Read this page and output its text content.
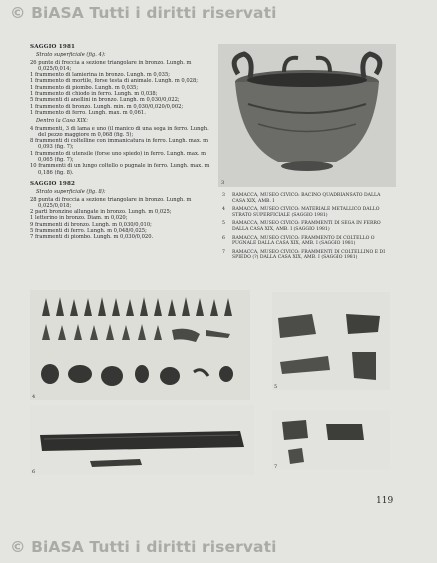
© BiASA Tutti i diritti riservati
SAGGIO 1981
Strato superficiale (fig. 4):
26 punte di freccia a sezione triangolare in bronzo. Lungh. m 0,025/0,014;
1 frammento di lamierina in bronzo. Lungh. m 0,035;
1 frammento di mortile, forse testa di animale. Lungh. m 0,028;
1 frammento di piombo. Lungh. m 0,035;
1 frammento di chiodo in ferro. Lungh. m 0,038;
5 frammenti di anellini in bronzo. Lungh. m 0,030/0,022;
1 frammento di bronzo. Lungh. min. m 0,030/0,020/0,002;
1 frammento di ferro. Lungh. max. m 0,061.
Dentro la Casa XIX:
4 frammenti, 3 di lama e uno (il manico di una sega in ferro. Lungh. del pezzo maggiore m 0,068 (fig. 5);
8 frammenti di coltelline con immanicatura in ferro. Lungh. max. m 0,093 (fig. 7);
1 frammento di utensile (forse uno spiedo) in ferro. Lungh. max. m 0,065 (fig. 7);
10 frammenti di un lungo coltello o pugnale in ferro. Lungh. max. m 0,186 (fig. 8).
SAGGIO 1982
Strato superficiale (fig. 8):
28 punta di freccia a sezione triangolare in bronzo. Lungh. m 0,025/0,018;
2 parti bronzine allungate in bronzo. Lungh. m 0,025;
1 letterino in bronzo. Diam. m 0,020;
9 frammenti di bronzo. Lungh. m 0,030/0,010;
5 frammenti di ferro. Lungh. m 0,048/0,025;
7 frammenti di piombo. Lungh. m 0,030/0,020.
3
3	RAMACCA, MUSEO CIVICO: BACINO QUADRIANSATO DALLA CASA XIX, AMB. I
4	RAMACCA, MUSEO CIVICO: MATERIALE METALLICO DALLO STRATO SUPERFICIALE (SAGGIO 1981)
5	RAMACCA, MUSEO CIVICO: FRAMMENTI DI SEGA IN FERRO DALLA CASA XIX, AMB. I (SAGGIO 1981)
6	RAMACCA, MUSEO CIVICO: FRAMMENTO DI COLTELLO O PUGNALE DALLA CASA XIX, AMB. I (SAGGIO 1981)
7	RAMACCA, MUSEO CIVICO: FRAMMENTI DI COLTELLINO E DI SPIEDO (?) DALLA CASA XIX, AMB. I (SAGGIO 1981)
4
5
6
7
119
© BiASA Tutti i diritti riservati
